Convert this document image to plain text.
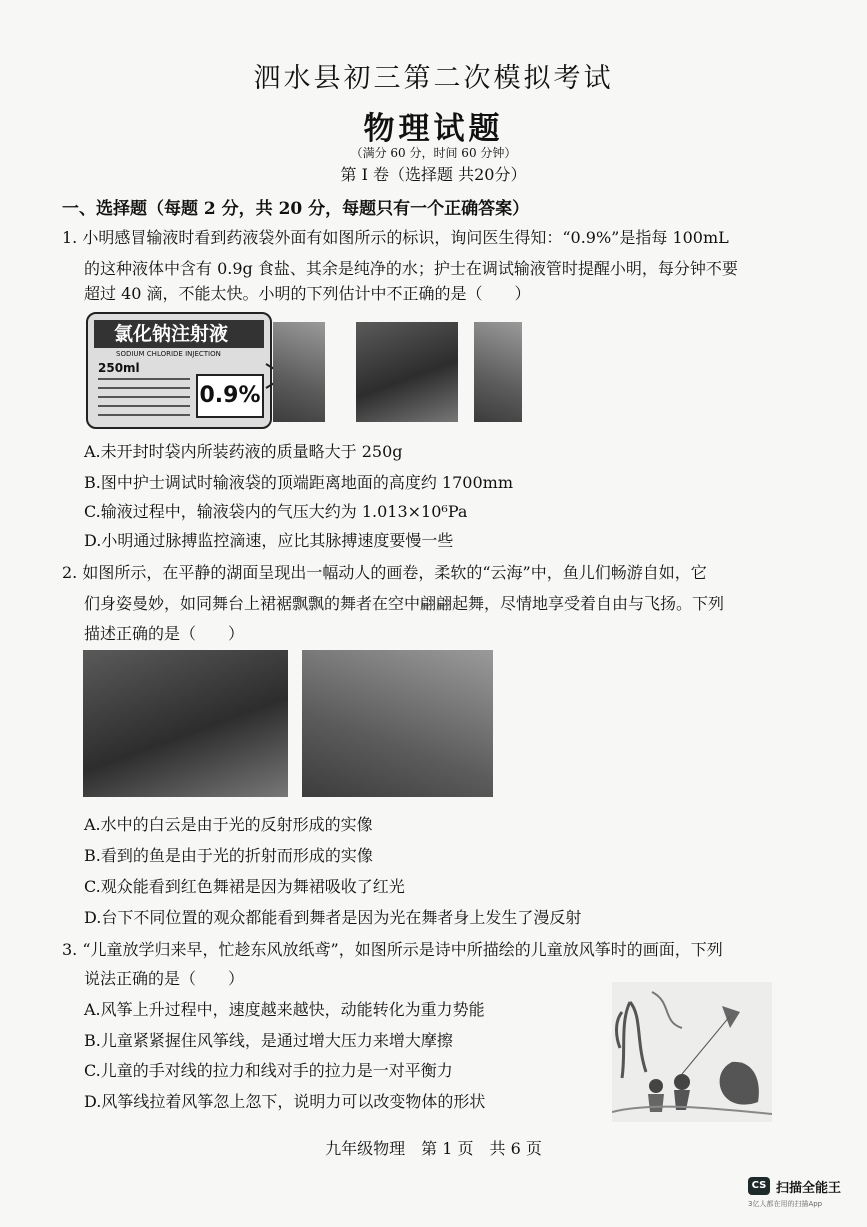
泗水县初三第二次模拟考试
物理试题
（满分 60 分，时间 60 分钟）
第 I 卷（选择题 共20分）
一、选择题（每题 2 分，共 20 分，每题只有一个正确答案）
1. 小明感冒输液时看到药液袋外面有如图所示的标识，询问医生得知：“0.9%”是指每 100mL
的这种液体中含有 0.9g 食盐、其余是纯净的水；护士在调试输液管时提醒小明，每分钟不要
超过 40 滴，不能太快。小明的下列估计中不正确的是（　　）
氯化钠注射液
SODIUM CHLORIDE INJECTION
250ml
0.9%
A.未开封时袋内所装药液的质量略大于 250g
B.图中护士调试时输液袋的顶端距离地面的高度约 1700mm
C.输液过程中，输液袋内的气压大约为 1.013×10⁶Pa
D.小明通过脉搏监控滴速，应比其脉搏速度要慢一些
2. 如图所示，在平静的湖面呈现出一幅动人的画卷，柔软的“云海”中，鱼儿们畅游自如，它
们身姿曼妙，如同舞台上裙裾飘飘的舞者在空中翩翩起舞，尽情地享受着自由与飞扬。下列
描述正确的是（　　）
A.水中的白云是由于光的反射形成的实像
B.看到的鱼是由于光的折射而形成的实像
C.观众能看到红色舞裙是因为舞裙吸收了红光
D.台下不同位置的观众都能看到舞者是因为光在舞者身上发生了漫反射
3. “儿童放学归来早，忙趁东风放纸鸢”，如图所示是诗中所描绘的儿童放风筝时的画面，下列
说法正确的是（　　）
A.风筝上升过程中，速度越来越快，动能转化为重力势能
B.儿童紧紧握住风筝线，是通过增大压力来增大摩擦
C.儿童的手对线的拉力和线对手的拉力是一对平衡力
D.风筝线拉着风筝忽上忽下，说明力可以改变物体的形状
九年级物理　第 1 页　共 6 页
CS 扫描全能王
3亿人都在用的扫描App
